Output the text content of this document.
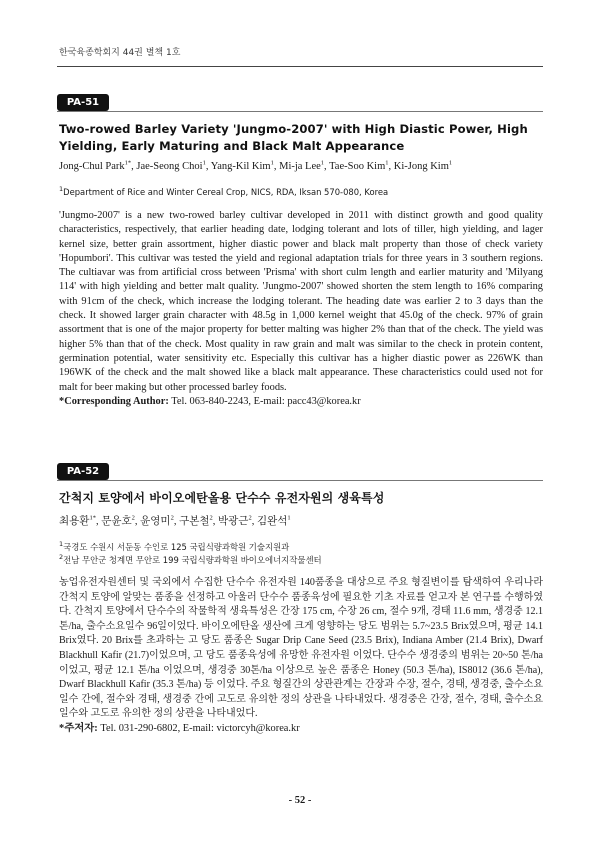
한국육종학회지 44권 별책 1호
PA-51
Two-rowed Barley Variety 'Jungmo-2007' with High Diastic Power, High Yielding, Early Maturing and Black Malt Appearance
Jong-Chul Park$^{1*}$, Jae-Seong Choi$^1$, Yang-Kil Kim$^1$, Mi-ja Lee$^1$, Tae-Soo Kim$^1$, Ki-Jong Kim$^1$
$^1$Department of Rice and Winter Cereal Crop, NICS, RDA, Iksan 570-080, Korea

'Jungmo-2007' is a new two-rowed barley cultivar developed in 2011 with distinct growth and good quality characteristics, respectively, that earlier heading date, lodging tolerant and lots of tiller, high yielding, and lager kernel size, better grain assortment, higher diastic power and black malt property than those of check variety 'Hopumbori'. This cultivar was tested the yield and regional adaptation trials for three years in 3 southern regions. The cultiavar was from artificial cross between 'Prisma' with short culm length and earlier maturity and 'Milyang 114' with high yielding and better malt quality. 'Jungmo-2007' showed shorten the stem length to 16% comparing with 91cm of the check, which increase the lodging tolerant. The heading date was earlier 2 to 3 days than the check. It showed larger grain character with 48.5g in 1,000 kernel weight that 45.0g of the check. 97% of grain assortment that is one of the major property for better malting was higher 2% than that of the check. The yield was higher 5% than that of the check. Most quality in raw grain and malt was similar to the check in protein content, germination potential, water sensitivity etc. Especially this cultivar has a higher diastic power as 226WK than 196WK of the check and the malt showed like a black malt appearance. These characteristics could used not for malt for beer making but other processed barley foods.

*Corresponding Author: Tel. 063-840-2243, E-mail: pacc43@korea.kr
PA-52
간척지 토양에서 바이오에탄올용 단수수 유전자원의 생육특성
최용환$^{1*}$, 문윤호$^2$, 윤영미$^2$, 구본철$^2$, 박광근$^2$, 김완석$^1$
$^1$국경도 수원시 서둔동 수인로 125 국립식량과학원 기술지원과
$^2$전남 무안군 청계면 무안로 199 국립식량과학원 바이오에너지작물센터

농업유전자원센터 및 국외에서 수집한 단수수 유전자원 140품종을 대상으로 주요 형질변이를 탐색하여 우리나라 간척지 토양에 알맞는 품종을 선정하고 아울러 단수수 품종육성에 필요한 기초 자료를 얻고자 본 연구를 수행하였다. 간척지 토양에서 단수수의 작물학적 생육특성은 간장 175 cm, 수장 26 cm, 절수 9개, 경태 11.6 mm, 생경중 12.1 톤/ha, 출수소요일수 96일이었다. 바이오에탄올 생산에 크게 영향하는 당도 범위는 5.7~23.5 Brix였으며, 평균 14.1 Brix였다. 20 Brix를 초과하는 고 당도 품종은 Sugar Drip Cane Seed (23.5 Brix), Indiana Amber (21.4 Brix), Dwarf Blackhull Kafir (21.7)이었으며, 고 당도 품종육성에 유망한 유전자원 이었다. 단수수 생경중의 범위는 20~50 톤/ha 이었고, 평균 12.1 톤/ha 이었으며, 생경중 30톤/ha 이상으로 높은 품종은 Honey (50.3 톤/ha), IS8012 (36.6 톤/ha), Dwarf Blackhull Kafir (35.3 톤/ha) 등 이었다. 주요 형질간의 상관관계는 간장과 수장, 절수, 경태, 생경중, 출수소요일수 간에, 절수와 경태, 생경중 간에 고도로 유의한 정의 상관을 나타내었다. 생경중은 간장, 절수, 경태, 출수소요일수와 고도로 유의한 정의 상관을 나타내었다.

*주저자: Tel. 031-290-6802, E-mail: victorcyh@korea.kr
- 52 -
